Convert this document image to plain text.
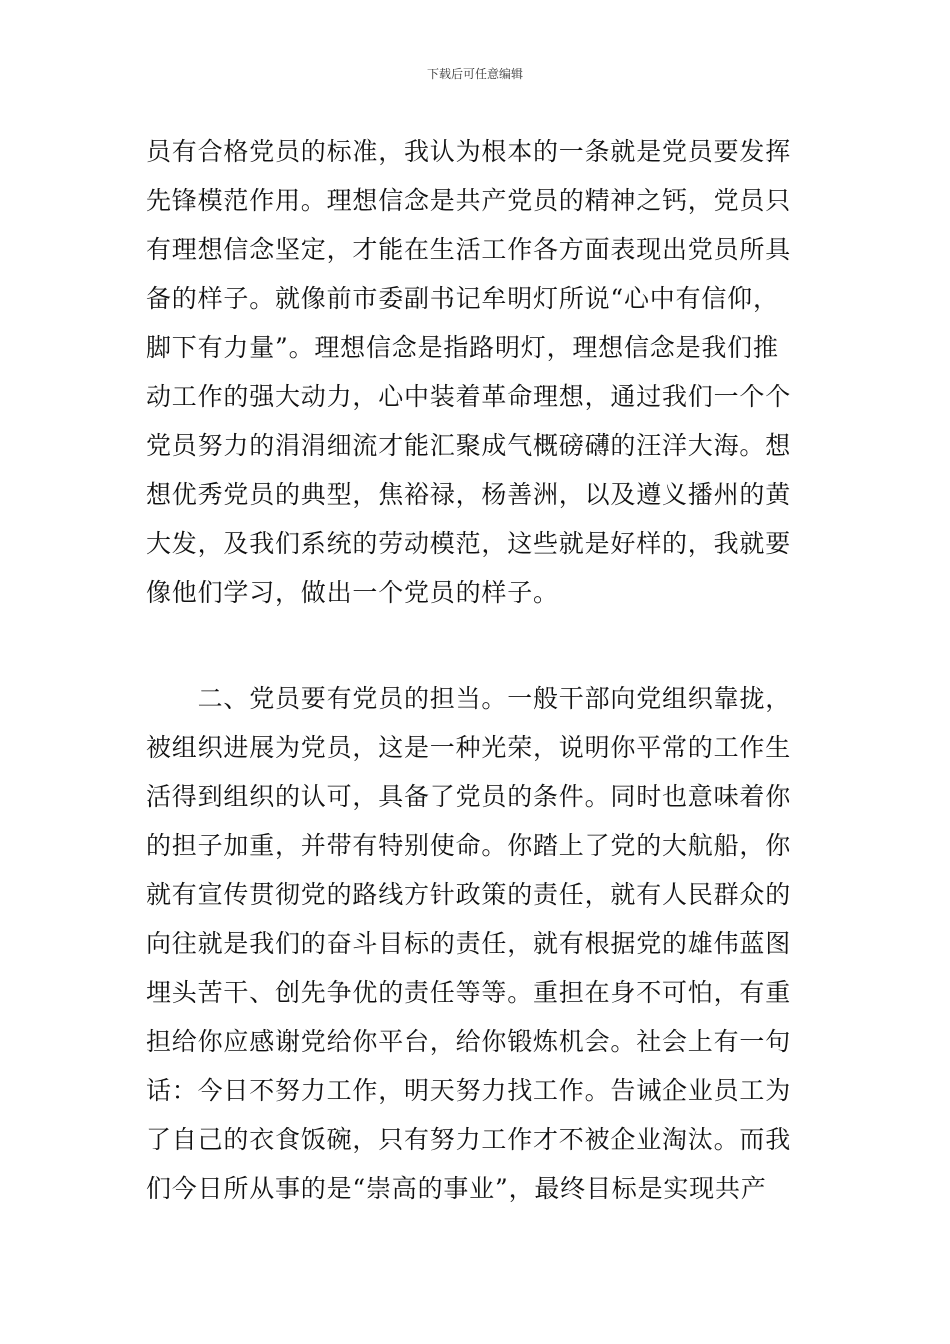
下载后可任意编辑
员有合格党员的标准，我认为根本的一条就是党员要发挥
先锋模范作用。理想信念是共产党员的精神之钙，党员只
有理想信念坚定，才能在生活工作各方面表现出党员所具
备的样子。就像前市委副书记牟明灯所说“心中有信仰，
脚下有力量”。理想信念是指路明灯，理想信念是我们推
动工作的强大动力，心中装着革命理想，通过我们一个个
党员努力的涓涓细流才能汇聚成气概磅礴的汪洋大海。想
想优秀党员的典型，焦裕禄，杨善洲，以及遵义播州的黄
大发，及我们系统的劳动模范，这些就是好样的，我就要
像他们学习，做出一个党员的样子。
　　二、党员要有党员的担当。一般干部向党组织靠拢，
被组织进展为党员，这是一种光荣，说明你平常的工作生
活得到组织的认可，具备了党员的条件。同时也意味着你
的担子加重，并带有特别使命。你踏上了党的大航船，你
就有宣传贯彻党的路线方针政策的责任，就有人民群众的
向往就是我们的奋斗目标的责任，就有根据党的雄伟蓝图
埋头苦干、创先争优的责任等等。重担在身不可怕，有重
担给你应感谢党给你平台，给你锻炼机会。社会上有一句
话：今日不努力工作，明天努力找工作。告诫企业员工为
了自己的衣食饭碗，只有努力工作才不被企业淘汰。而我
们今日所从事的是“崇高的事业”，最终目标是实现共产
